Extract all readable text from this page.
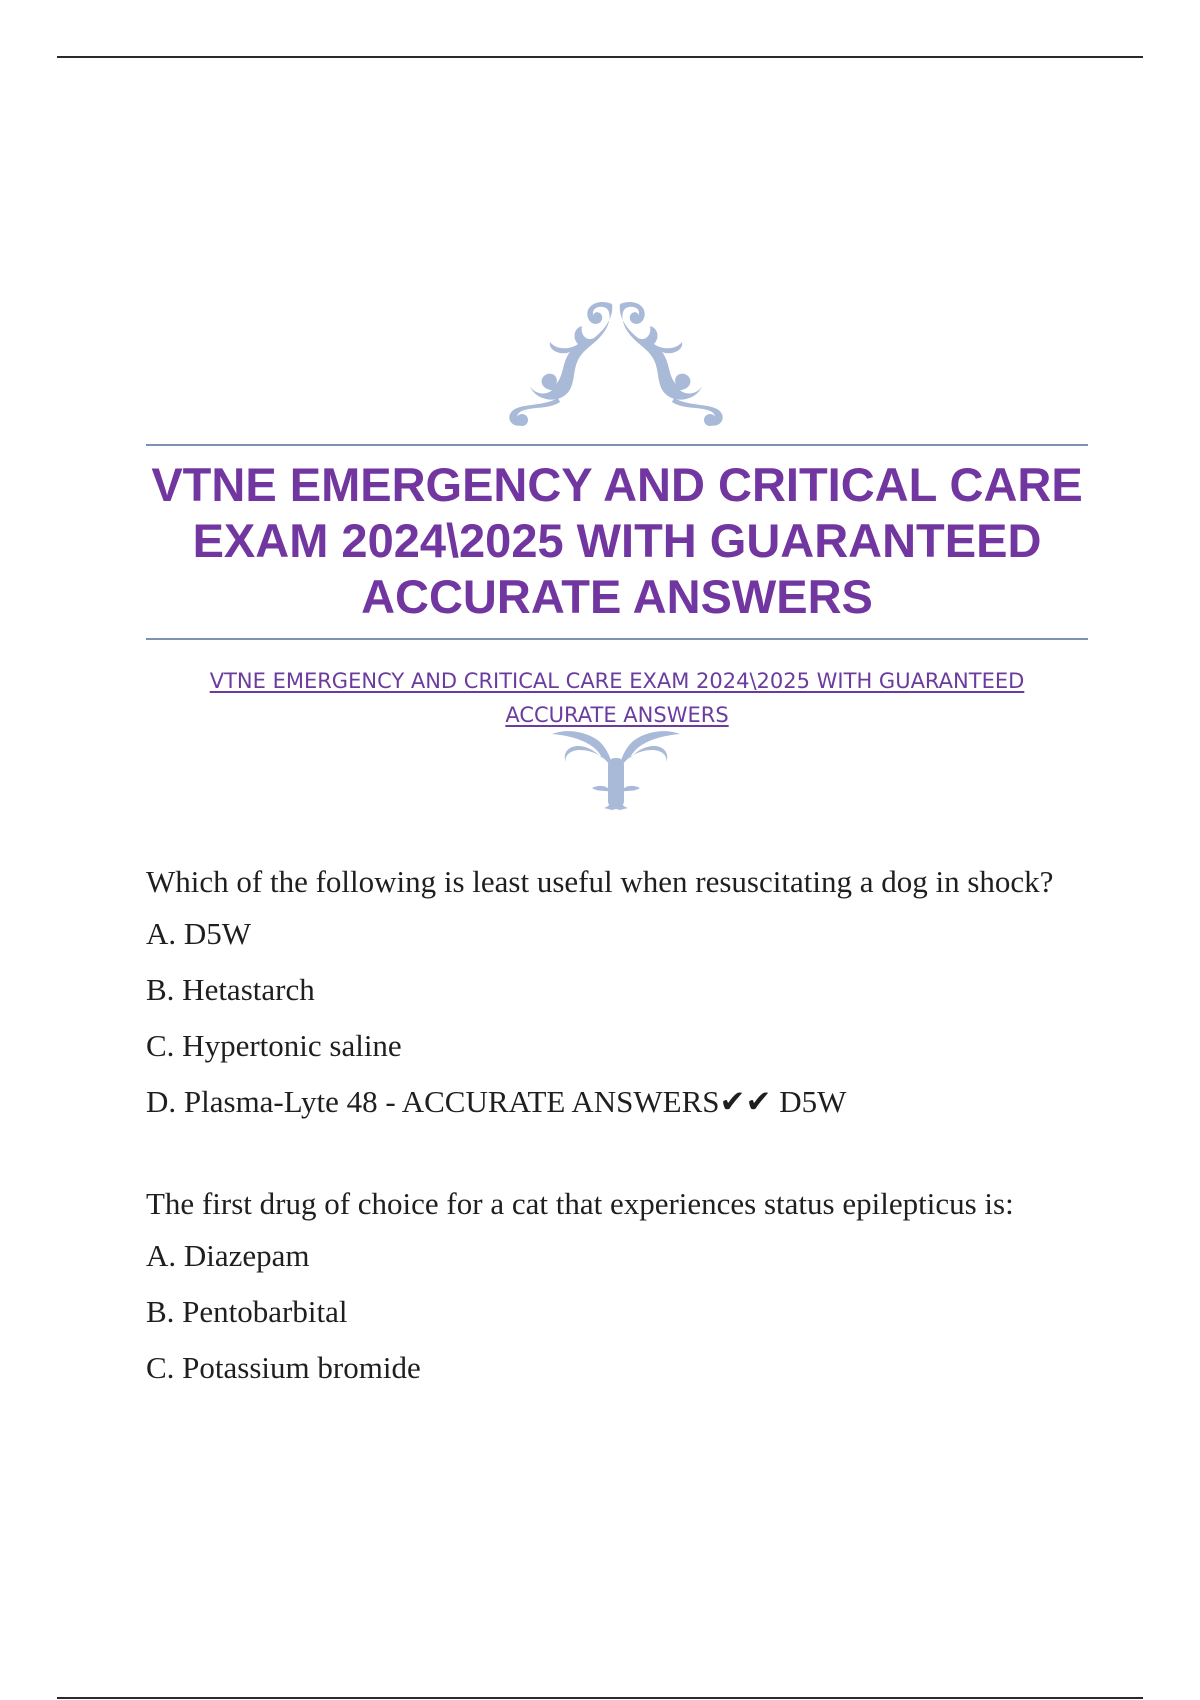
VTNE EMERGENCY AND CRITICAL CARE EXAM 2024\2025 WITH GUARANTEED ACCURATE ANSWERS

VTNE EMERGENCY AND CRITICAL CARE EXAM 2024\2025 WITH GUARANTEED ACCURATE ANSWERS

Which of the following is least useful when resuscitating a dog in shock?

A. D5W

B. Hetastarch

C. Hypertonic saline

D. Plasma-Lyte 48 - ACCURATE ANSWERS✔✔ D5W

The first drug of choice for a cat that experiences status epilepticus is:

A. Diazepam

B. Pentobarbital

C. Potassium bromide
